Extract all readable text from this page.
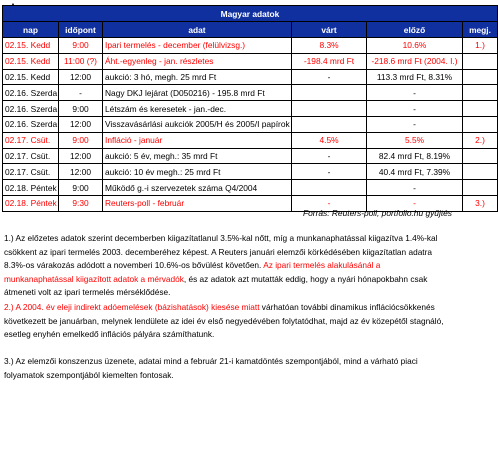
Magyar adatok					
nap	időpont	adat	várt	előző	megj.
02.15. Kedd	9:00	Ipari termelés - december (felülvizsg.)	8.3%	10.6%	1.)
02.15. Kedd	11:00 (?)	Áht.-egyenleg - jan. részletes	-198.4 mrd Ft	-218.6 mrd Ft (2004. I.)	
02.15. Kedd	12:00	aukció: 3 hó, megh. 25 mrd Ft	-	113.3 mrd Ft, 8.31%	
02.16. Szerda	-	Nagy DKJ lejárat (D050216) - 195.8 mrd Ft		-	
02.16. Szerda	9:00	Létszám és keresetek - jan.-dec.		-	
02.16. Szerda	12:00	Visszavásárlási aukciók 2005/H és 2005/I papírok		-	
02.17. Csüt.	9:00	Infláció - január	4.5%	5.5%	2.)
02.17. Csüt.	12:00	aukció: 5 év, megh.: 35 mrd Ft	-	82.4 mrd Ft, 8.19%	
02.17. Csüt.	12:00	aukció: 10 év megh.: 25 mrd Ft	-	40.4 mrd Ft, 7.39%	
02.18. Péntek	9:00	Működő g.-i szervezetek száma Q4/2004		-	
02.18. Péntek	9:30	Reuters-poll - február	-	-	3.)
Forrás: Reuters-poll, portfolio.hu gyűjtés

1.) Az előzetes adatok szerint decemberben kiigazítatlanul 3.5%-kal nőtt, míg a munkanaphatással kiigazítva 1.4%-kal csökkent az ipari termelés 2003. decemberéhez képest. A Reuters januári elemzői körkédésében kiigazítatlan adatra 8.3%-os várakozás adódott a novemberi 10.6%-os bővülést követően. Az ipari termelés alakulásánál a munkanaphatással kiigazított adatok a mérvadók, és az adatok azt mutatták eddig, hogy a nyári hónapokbahn csak átmeneti volt az ipari termelés mérséklődése.

2.) A 2004. év eleji indirekt adóemelések (bázishatások) kiesése miatt várhatóan további dinamikus inflációcsökkenés következett be januárban, melynek lendülete az idei év első negyedévében folytatódhat, majd az év közepétől stagnáló, esetleg enyhén emelkedő inflációs pályára számíthatunk.

3.) Az elemzői konszenzus üzenete, adatai mind a február 21-i kamatdöntés szempontjából, mind a várható piaci folyamatok szempontjából kiemelten fontosak.
